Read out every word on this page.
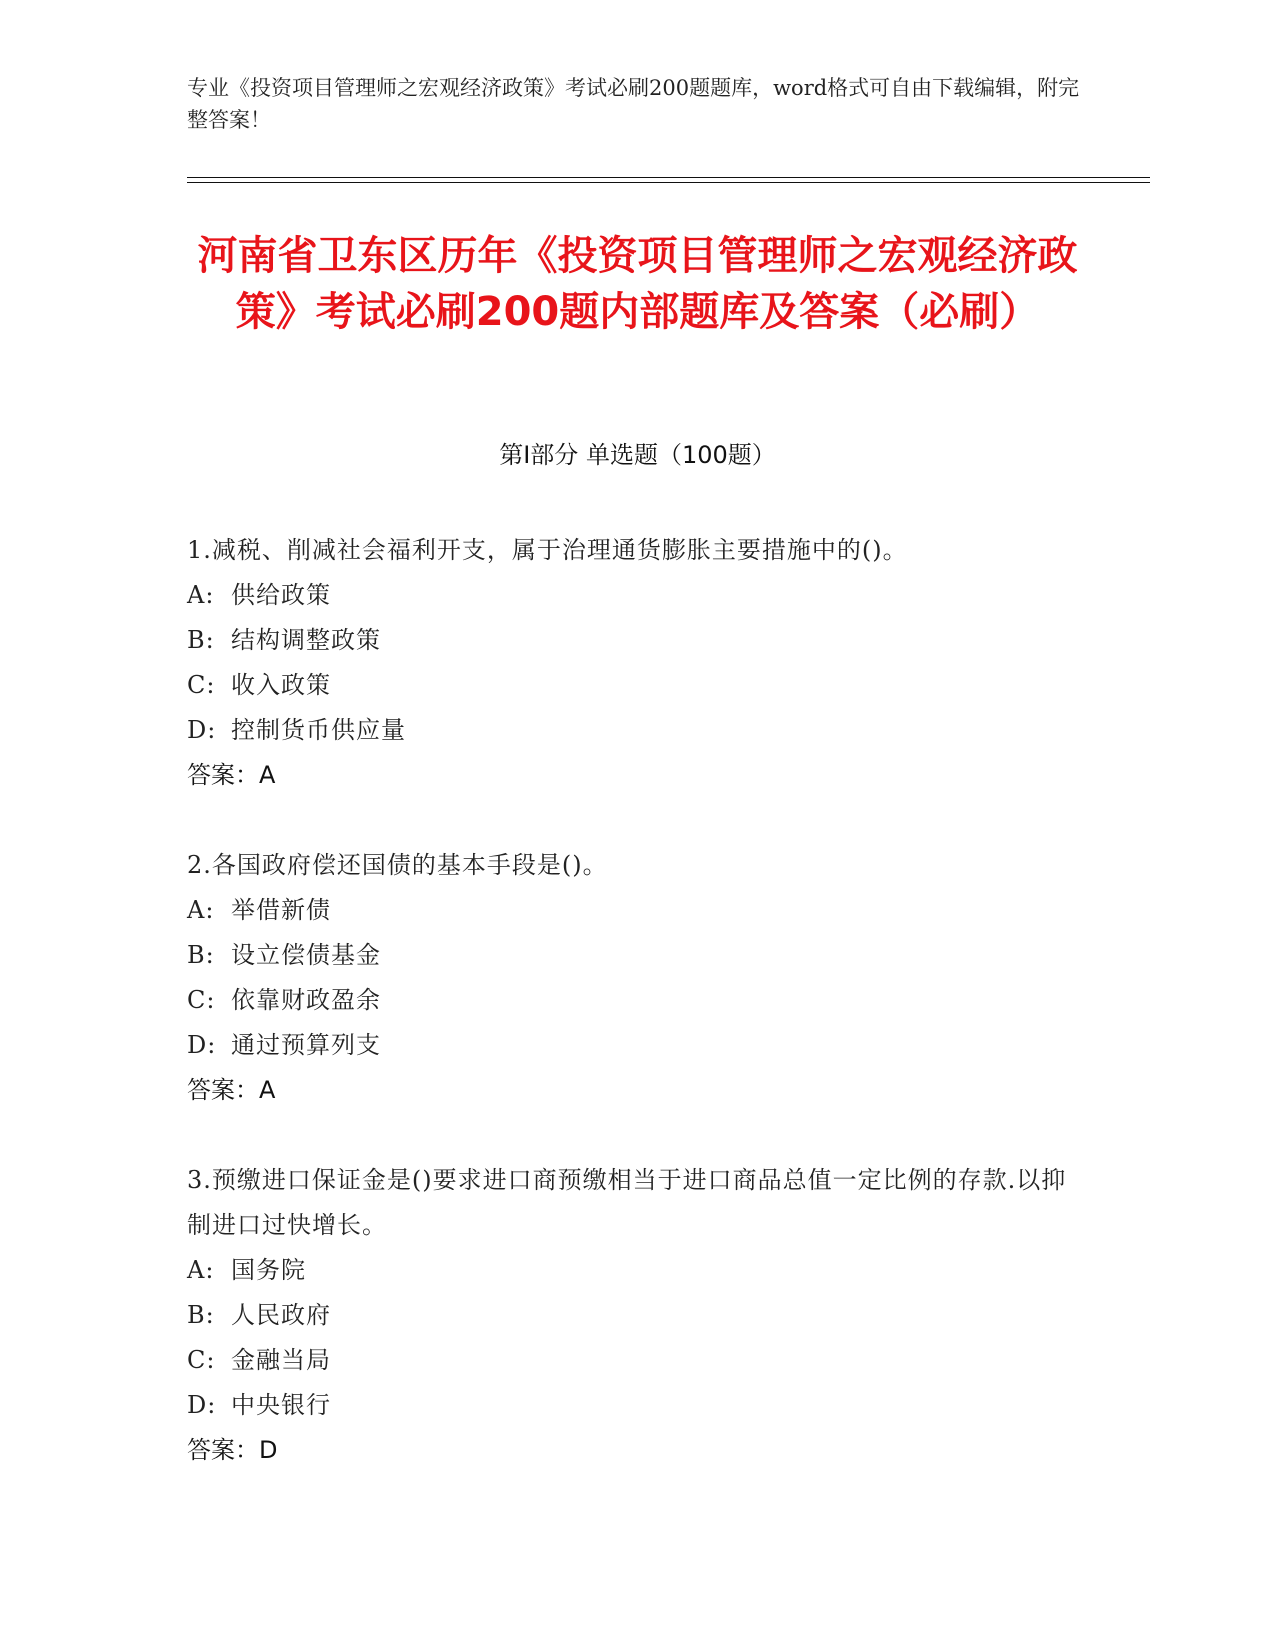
专业《投资项目管理师之宏观经济政策》考试必刷200题题库，word格式可自由下载编辑，附完整答案！
河南省卫东区历年《投资项目管理师之宏观经济政策》考试必刷200题内部题库及答案（必刷）
第Ⅰ部分 单选题（100题）
1.减税、削减社会福利开支，属于治理通货膨胀主要措施中的()。
A: 供给政策
B: 结构调整政策
C: 收入政策
D: 控制货币供应量
答案：A
2.各国政府偿还国债的基本手段是()。
A: 举借新债
B: 设立偿债基金
C: 依靠财政盈余
D: 通过预算列支
答案：A
3.预缴进口保证金是()要求进口商预缴相当于进口商品总值一定比例的存款.以抑制进口过快增长。
A: 国务院
B: 人民政府
C: 金融当局
D: 中央银行
答案：D
